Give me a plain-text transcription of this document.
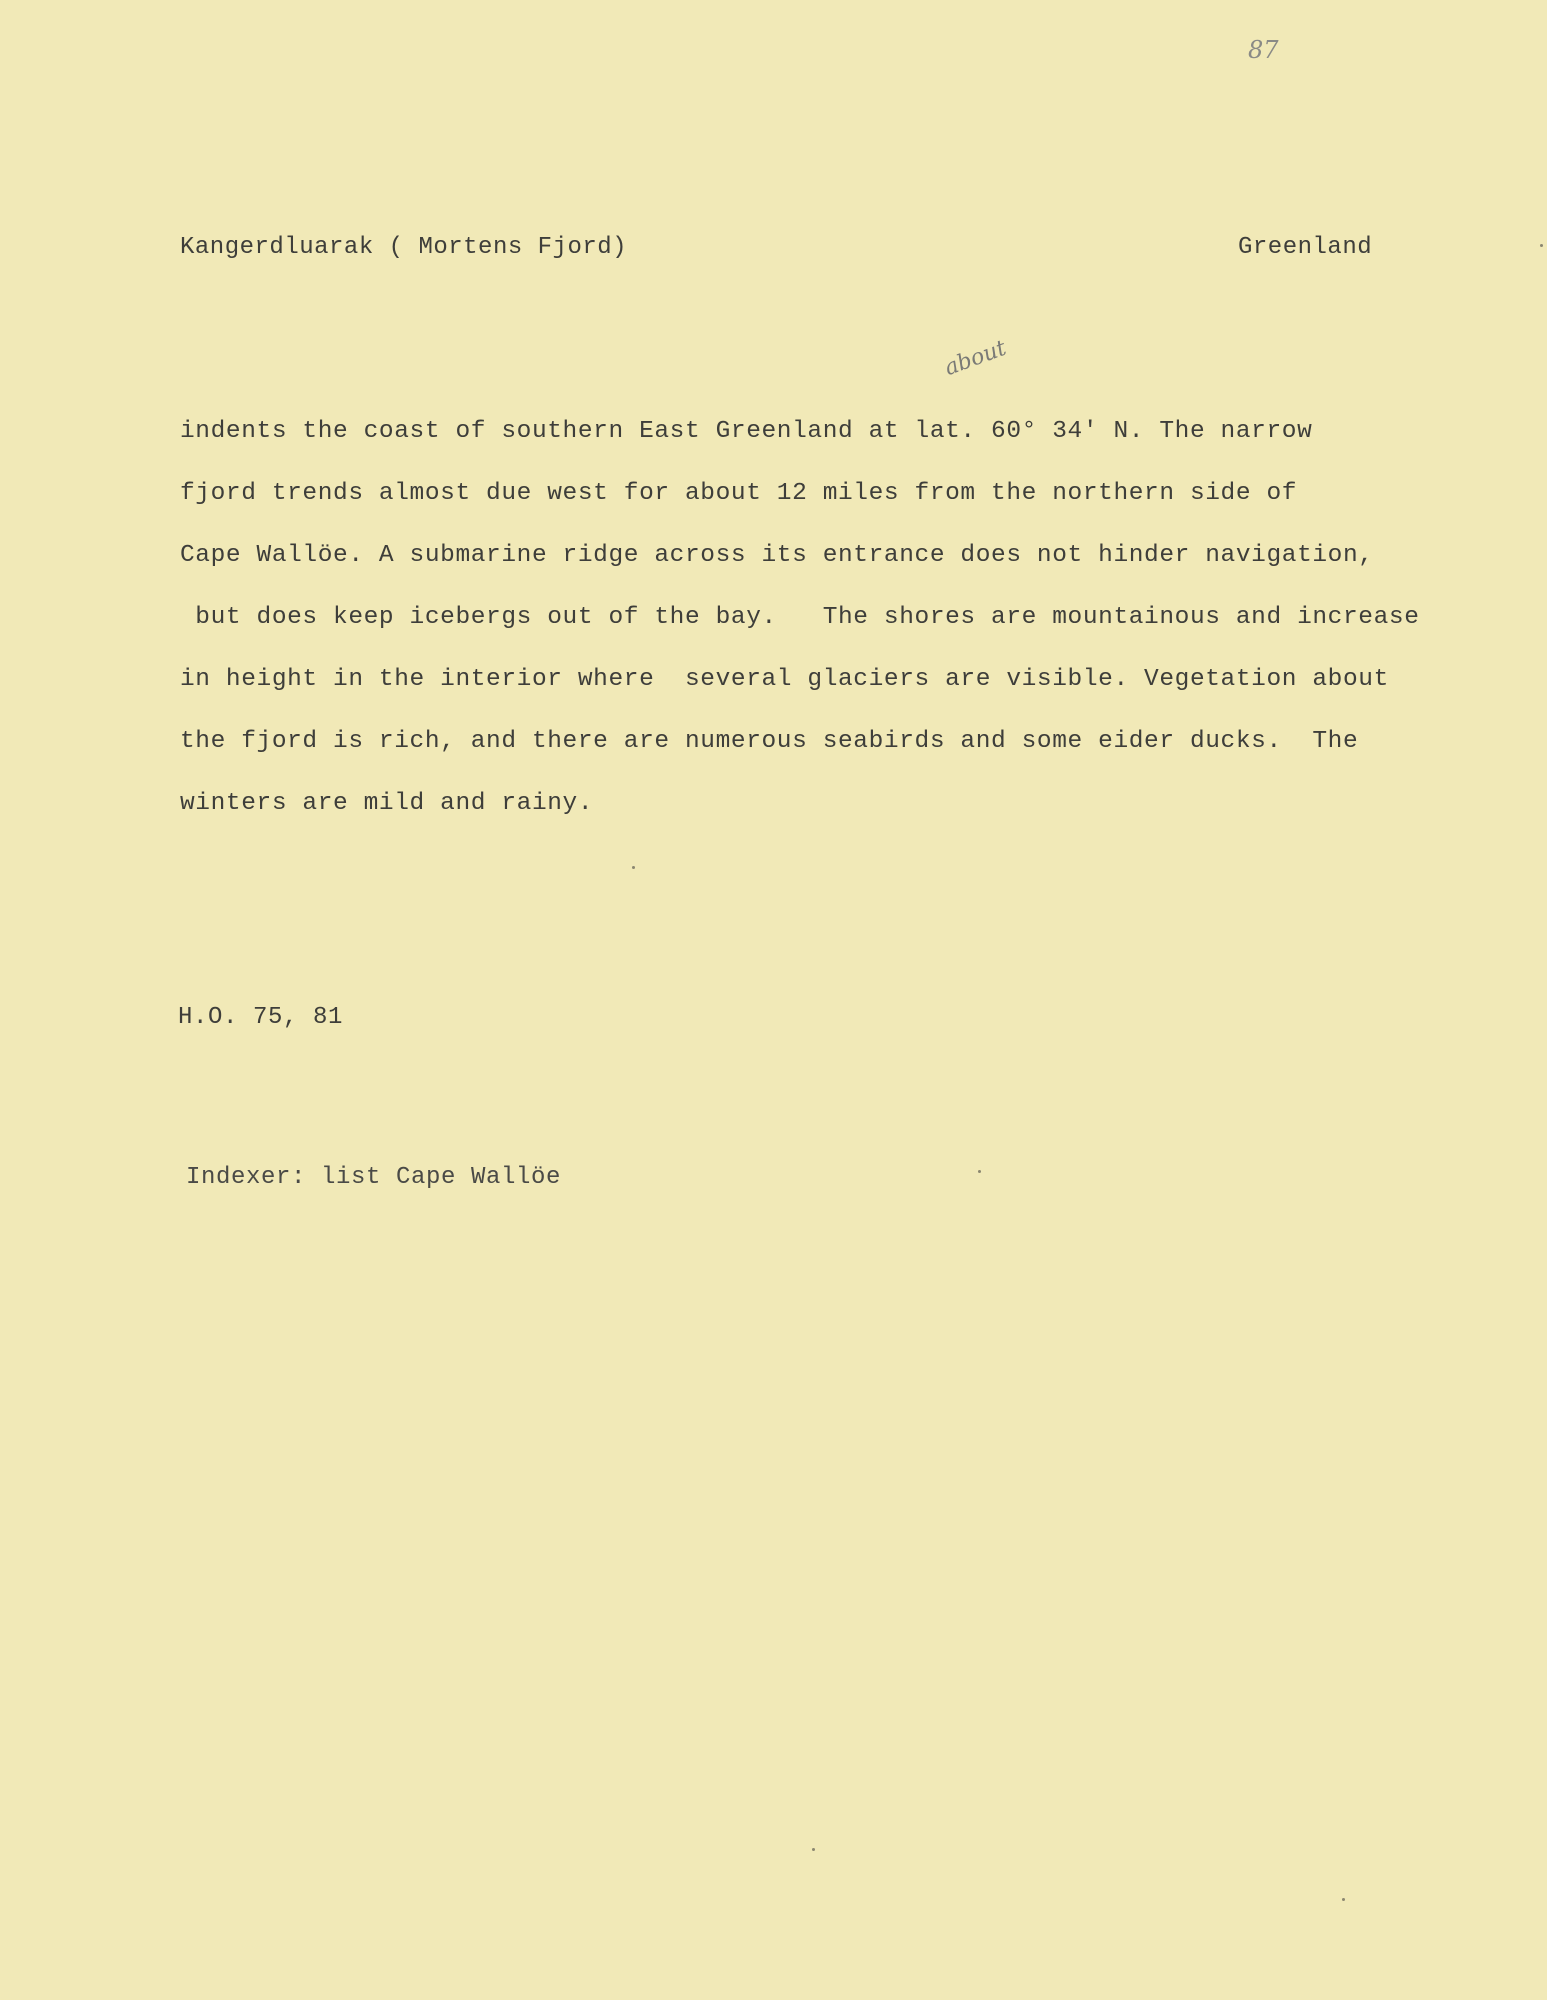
87
Kangerdluarak ( Mortens Fjord)	Greenland
about
indents the coast of southern East Greenland at lat. 60° 34' N. The narrow
fjord trends almost due west for about 12 miles from the northern side of
Cape Wallöe. A submarine ridge across its entrance does not hinder navigation,
but does keep icebergs out of the bay.   The shores are mountainous and increase
in height in the interior where  several glaciers are visible. Vegetation about
the fjord is rich, and there are numerous seabirds and some eider ducks.  The
winters are mild and rainy.
H.O. 75, 81
Indexer: list Cape Wallöe
